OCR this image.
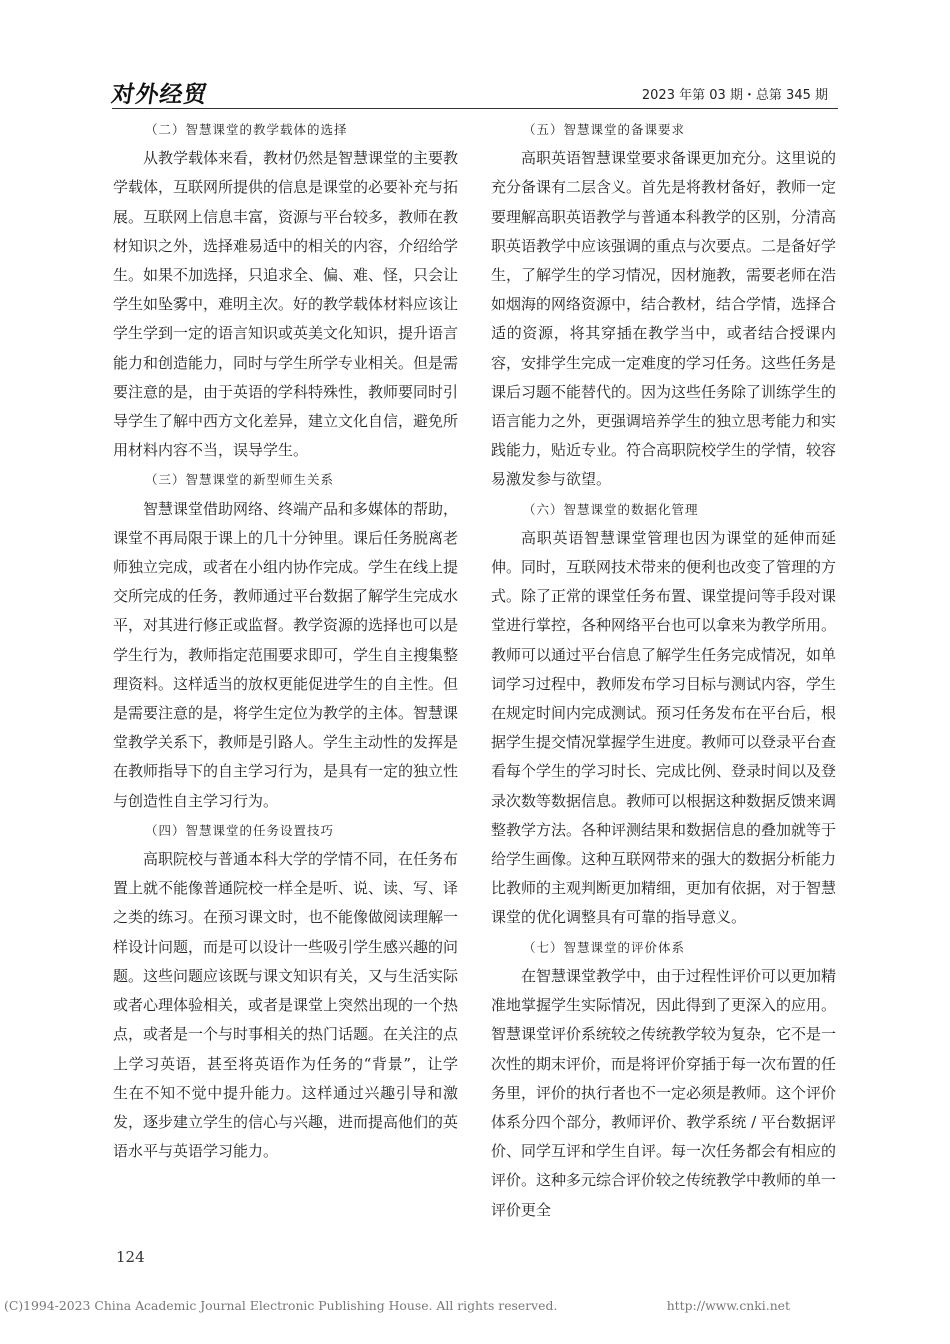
对外经贸	2023 年第 03 期・总第 345 期
（二）智慧课堂的教学载体的选择

从教学载体来看，教材仍然是智慧课堂的主要教学载体，互联网所提供的信息是课堂的必要补充与拓展。互联网上信息丰富，资源与平台较多，教师在教材知识之外，选择难易适中的相关的内容，介绍给学生。如果不加选择，只追求全、偏、难、怪，只会让学生如坠雾中，难明主次。好的教学载体材料应该让学生学到一定的语言知识或英美文化知识，提升语言能力和创造能力，同时与学生所学专业相关。但是需要注意的是，由于英语的学科特殊性，教师要同时引导学生了解中西方文化差异，建立文化自信，避免所用材料内容不当，误导学生。

（三）智慧课堂的新型师生关系

智慧课堂借助网络、终端产品和多媒体的帮助，课堂不再局限于课上的几十分钟里。课后任务脱离老师独立完成，或者在小组内协作完成。学生在线上提交所完成的任务，教师通过平台数据了解学生完成水平，对其进行修正或监督。教学资源的选择也可以是学生行为，教师指定范围要求即可，学生自主搜集整理资料。这样适当的放权更能促进学生的自主性。但是需要注意的是，将学生定位为教学的主体。智慧课堂教学关系下，教师是引路人。学生主动性的发挥是在教师指导下的自主学习行为，是具有一定的独立性与创造性自主学习行为。

（四）智慧课堂的任务设置技巧

高职院校与普通本科大学的学情不同，在任务布置上就不能像普通院校一样全是听、说、读、写、译之类的练习。在预习课文时，也不能像做阅读理解一样设计问题，而是可以设计一些吸引学生感兴趣的问题。这些问题应该既与课文知识有关，又与生活实际或者心理体验相关，或者是课堂上突然出现的一个热点，或者是一个与时事相关的热门话题。在关注的点上学习英语，甚至将英语作为任务的“背景”，让学生在不知不觉中提升能力。这样通过兴趣引导和激发，逐步建立学生的信心与兴趣，进而提高他们的英语水平与英语学习能力。

（五）智慧课堂的备课要求

高职英语智慧课堂要求备课更加充分。这里说的充分备课有二层含义。首先是将教材备好，教师一定要理解高职英语教学与普通本科教学的区别，分清高职英语教学中应该强调的重点与次要点。二是备好学生，了解学生的学习情况，因材施教，需要老师在浩如烟海的网络资源中，结合教材，结合学情，选择合适的资源，将其穿插在教学当中，或者结合授课内容，安排学生完成一定难度的学习任务。这些任务是课后习题不能替代的。因为这些任务除了训练学生的语言能力之外，更强调培养学生的独立思考能力和实践能力，贴近专业。符合高职院校学生的学情，较容易激发参与欲望。

（六）智慧课堂的数据化管理

高职英语智慧课堂管理也因为课堂的延伸而延伸。同时，互联网技术带来的便利也改变了管理的方式。除了正常的课堂任务布置、课堂提问等手段对课堂进行掌控，各种网络平台也可以拿来为教学所用。教师可以通过平台信息了解学生任务完成情况，如单词学习过程中，教师发布学习目标与测试内容，学生在规定时间内完成测试。预习任务发布在平台后，根据学生提交情况掌握学生进度。教师可以登录平台查看每个学生的学习时长、完成比例、登录时间以及登录次数等数据信息。教师可以根据这种数据反馈来调整教学方法。各种评测结果和数据信息的叠加就等于给学生画像。这种互联网带来的强大的数据分析能力比教师的主观判断更加精细，更加有依据，对于智慧课堂的优化调整具有可靠的指导意义。

（七）智慧课堂的评价体系

在智慧课堂教学中，由于过程性评价可以更加精准地掌握学生实际情况，因此得到了更深入的应用。智慧课堂评价系统较之传统教学较为复杂，它不是一次性的期末评价，而是将评价穿插于每一次布置的任务里，评价的执行者也不一定必须是教师。这个评价体系分四个部分，教师评价、教学系统 / 平台数据评价、同学互评和学生自评。每一次任务都会有相应的评价。这种多元综合评价较之传统教学中教师的单一评价更全

124
(C)1994-2023 China Academic Journal Electronic Publishing House. All rights reserved.	http://www.cnki.net
